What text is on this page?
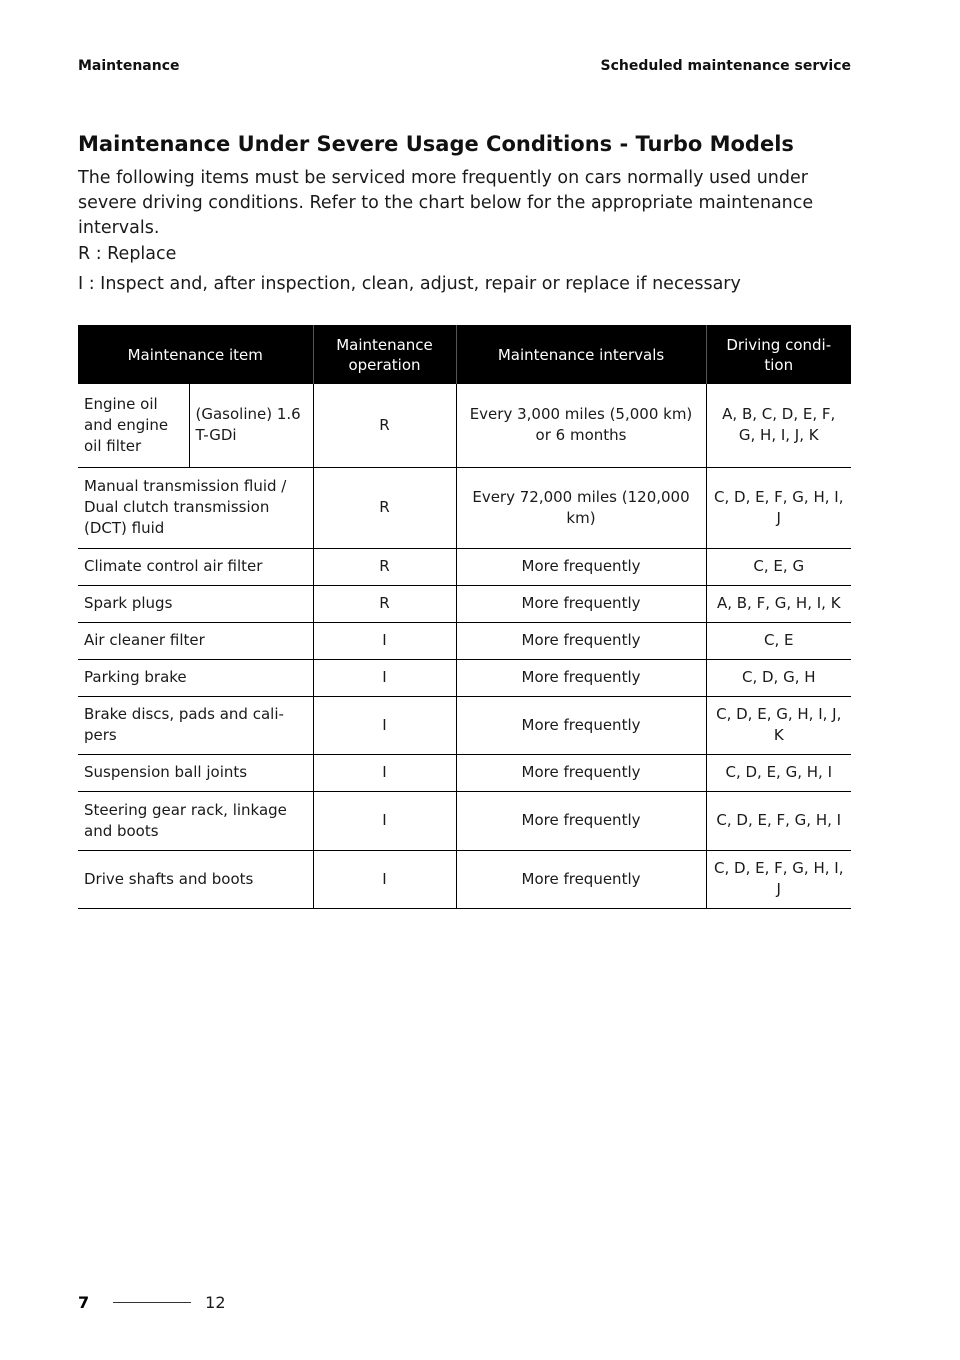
Maintenance	Scheduled maintenance service
Maintenance Under Severe Usage Conditions - Turbo Models

The following items must be serviced more frequently on cars normally used under severe driving conditions. Refer to the chart below for the appropriate maintenance intervals.

R : Replace

I : Inspect and, after inspection, clean, adjust, repair or replace if necessary

Maintenance item		Maintenance operation	Maintenance intervals	Driving condi- tion
Engine oil and engine oil filter	(Gasoline) 1.6 T-GDi	R	Every 3,000 miles (5,000 km) or 6 months	A, B, C, D, E, F, G, H, I, J, K
Manual transmission fluid / Dual clutch transmission (DCT) fluid		R	Every 72,000 miles (120,000 km)	C, D, E, F, G, H, I, J
Climate control air filter		R	More frequently	C, E, G
Spark plugs		R	More frequently	A, B, F, G, H, I, K
Air cleaner filter		I	More frequently	C, E
Parking brake		I	More frequently	C, D, G, H
Brake discs, pads and cali- pers		I	More frequently	C, D, E, G, H, I, J, K
Suspension ball joints		I	More frequently	C, D, E, G, H, I
Steering gear rack, linkage and boots		I	More frequently	C, D, E, F, G, H, I
Drive shafts and boots		I	More frequently	C, D, E, F, G, H, I, J
7	12
